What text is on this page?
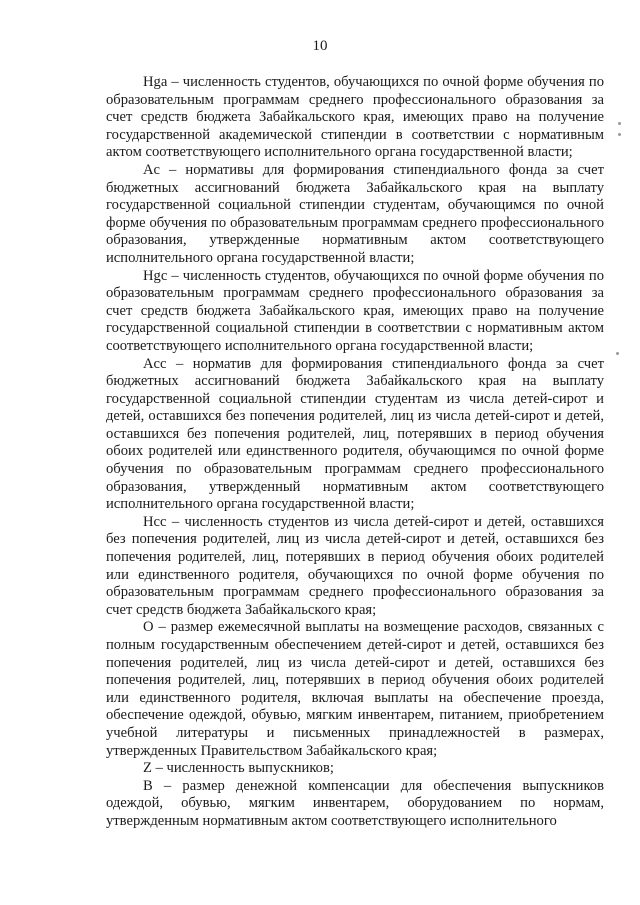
10

Hga – численность студентов, обучающихся по очной форме обучения по образовательным программам среднего профессионального образования за счет средств бюджета Забайкальского края, имеющих право на получение государственной академической стипендии в соответствии с нормативным актом соответствующего исполнительного органа государственной власти;

Ac – нормативы для формирования стипендиального фонда за счет бюджетных ассигнований бюджета Забайкальского края на выплату государственной социальной стипендии студентам, обучающимся по очной форме обучения по образовательным программам среднего профессионального образования, утвержденные нормативным актом соответствующего исполнительного органа государственной власти;

Hgc – численность студентов, обучающихся по очной форме обучения по образовательным программам среднего профессионального образования за счет средств бюджета Забайкальского края, имеющих право на получение государственной социальной стипендии в соответствии с нормативным актом соответствующего исполнительного органа государственной власти;

Acc – норматив для формирования стипендиального фонда за счет бюджетных ассигнований бюджета Забайкальского края на выплату государственной социальной стипендии студентам из числа детей-сирот и детей, оставшихся без попечения родителей, лиц из числа детей-сирот и детей, оставшихся без попечения родителей, лиц, потерявших в период обучения обоих родителей или единственного родителя, обучающимся по очной форме обучения по образовательным программам среднего профессионального образования, утвержденный нормативным актом соответствующего исполнительного органа государственной власти;

Hcc – численность студентов из числа детей-сирот и детей, оставшихся без попечения родителей, лиц из числа детей-сирот и детей, оставшихся без попечения родителей, лиц, потерявших в период обучения обоих родителей или единственного родителя, обучающихся по очной форме обучения по образовательным программам среднего профессионального образования за счет средств бюджета Забайкальского края;

O – размер ежемесячной выплаты на возмещение расходов, связанных с полным государственным обеспечением детей-сирот и детей, оставшихся без попечения родителей, лиц из числа детей-сирот и детей, оставшихся без попечения родителей, лиц, потерявших в период обучения обоих родителей или единственного родителя, включая выплаты на обеспечение проезда, обеспечение одеждой, обувью, мягким инвентарем, питанием, приобретением учебной литературы и письменных принадлежностей в размерах, утвержденных Правительством Забайкальского края;

Z – численность выпускников;

B – размер денежной компенсации для обеспечения выпускников одеждой, обувью, мягким инвентарем, оборудованием по нормам, утвержденным нормативным актом соответствующего исполнительного
